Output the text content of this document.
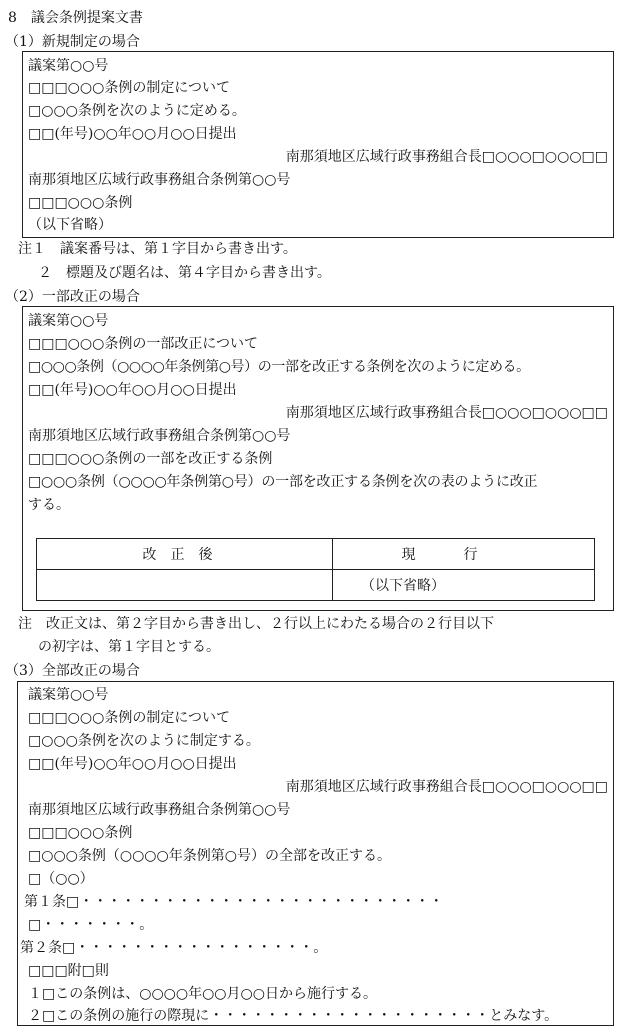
8　議会条例提案文書
（1）新規制定の場合
議案第○○号
□□□○○○条例の制定について
□○○○条例を次のように定める。
□□(年号)○○年○○月○○日提出
南那須地区広域行政事務組合長□○○○□○○○□□
南那須地区広域行政事務組合条例第○○号
□□□○○○条例
（以下省略）
注１　議案番号は、第１字目から書き出す。
２　標題及び題名は、第４字目から書き出す。
（2）一部改正の場合
議案第○○号
□□□○○○条例の一部改正について
□○○○条例（○○○○年条例第○号）の一部を改正する条例を次のように定める。
□□(年号)○○年○○月○○日提出
南那須地区広域行政事務組合長□○○○□○○○□□
南那須地区広域行政事務組合条例第○○号
□□□○○○条例の一部を改正する条例
□○○○条例（○○○○年条例第○号）の一部を改正する条例を次の表のように改正
する。
改正後	現行
	（以下省略）
注　改正文は、第２字目から書き出し、２行以上にわたる場合の２行目以下
の初字は、第１字目とする。
（3）全部改正の場合
議案第○○号
□□□○○○条例の制定について
□○○○条例を次のように制定する。
□□(年号)○○年○○月○○日提出
南那須地区広域行政事務組合長□○○○□○○○□□
南那須地区広域行政事務組合条例第○○号
□□□○○○条例
□○○○条例（○○○○年条例第○号）の全部を改正する。
□（○○）
第１条□・・・・・・・・・・・・・・・・・・・・・・・・・・
□・・・・・・・。
第２条□・・・・・・・・・・・・・・・・・。
□□□附□則
１□この条例は、○○○○年○○月○○日から施行する。
２□この条例の施行の際現に・・・・・・・・・・・・・・・・・・・・とみなす。
